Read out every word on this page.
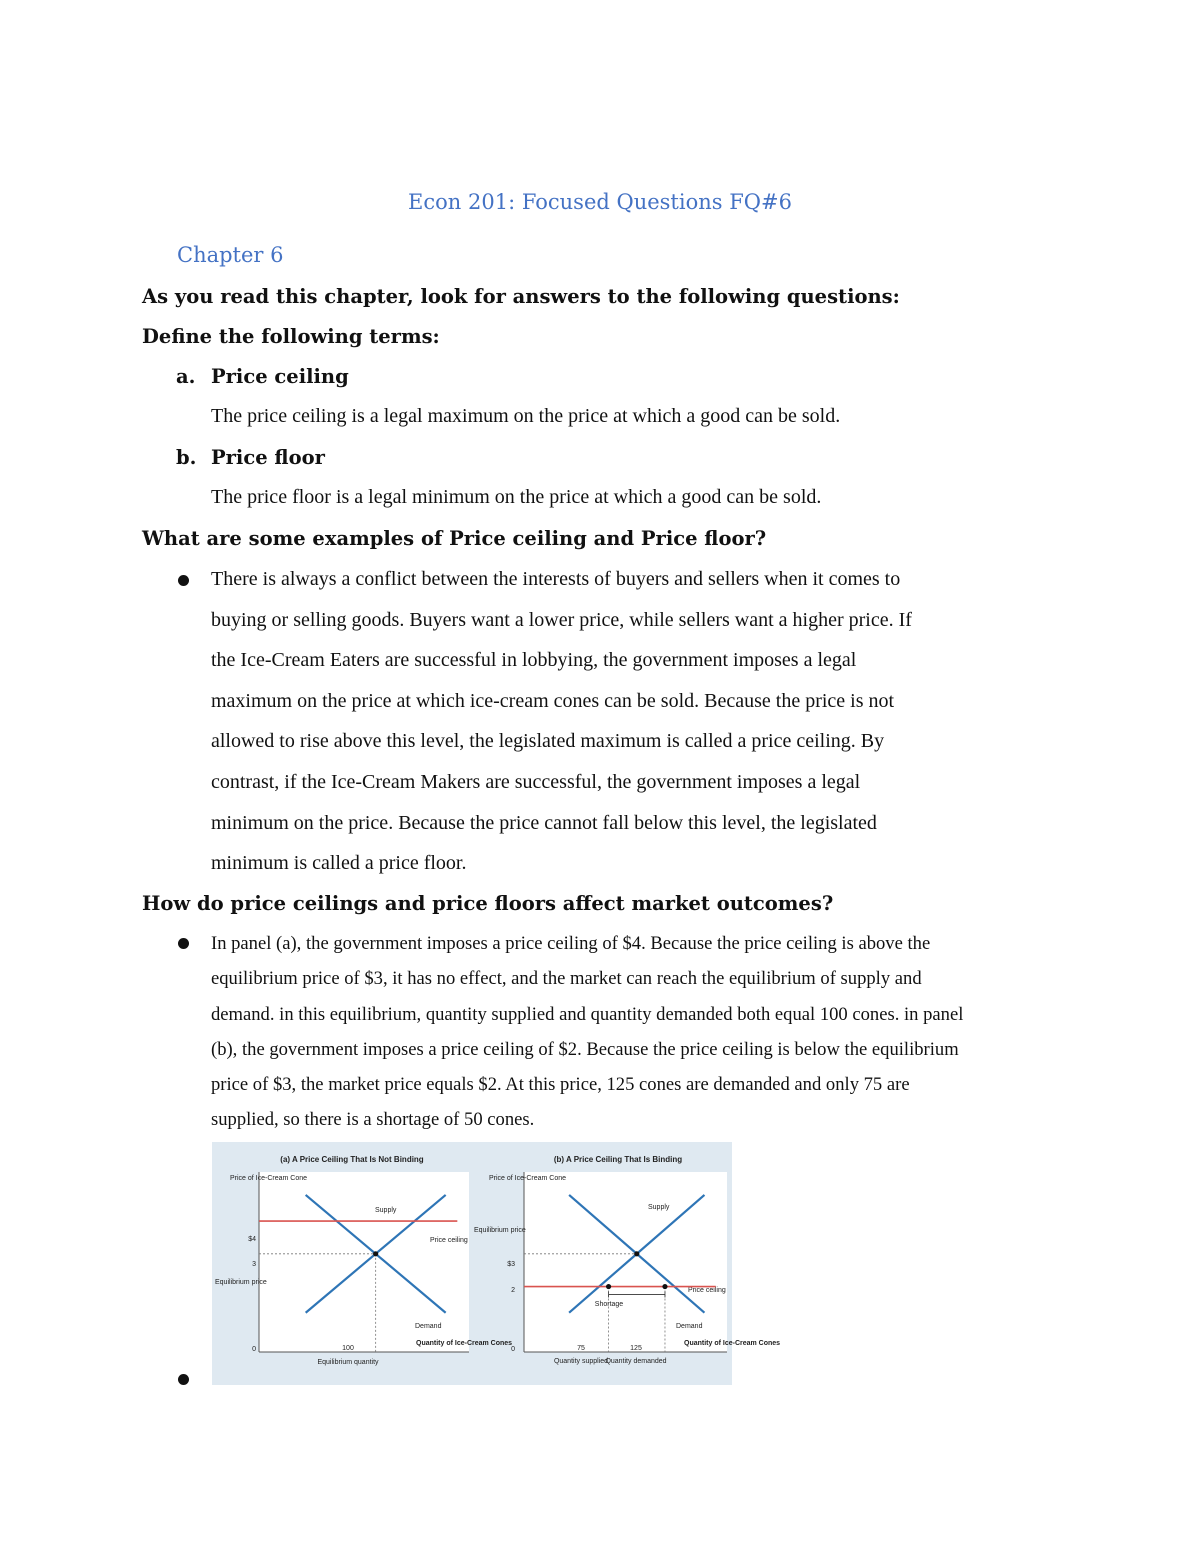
Econ 201: Focused Questions FQ#6
Chapter 6
As you read this chapter, look for answers to the following questions:
Define the following terms:
a. Price ceiling
The price ceiling is a legal maximum on the price at which a good can be sold.
b. Price floor
The price floor is a legal minimum on the price at which a good can be sold.
What are some examples of Price ceiling and Price floor?
There is always a conflict between the interests of buyers and sellers when it comes to
buying or selling goods. Buyers want a lower price, while sellers want a higher price. If
the Ice-Cream Eaters are successful in lobbying, the government imposes a legal
maximum on the price at which ice-cream cones can be sold. Because the price is not
allowed to rise above this level, the legislated maximum is called a price ceiling. By
contrast, if the Ice-Cream Makers are successful, the government imposes a legal
minimum on the price. Because the price cannot fall below this level, the legislated
minimum is called a price floor.
How do price ceilings and price floors affect market outcomes?
In panel (a), the government imposes a price ceiling of $4. Because the price ceiling is above the
equilibrium price of $3, it has no effect, and the market can reach the equilibrium of supply and
demand. in this equilibrium, quantity supplied and quantity demanded both equal 100 cones. in panel
(b), the government imposes a price ceiling of $2. Because the price ceiling is below the equilibrium
price of $3, the market price equals $2. At this price, 125 cones are demanded and only 75 are
supplied, so there is a shortage of 50 cones.
(a) A Price Ceiling That Is Not Binding
Price of Ice-Cream Cone
Quantity of Ice-Cream Cones
0
$4
3
Equilibrium price
100
Equilibrium quantity
Supply
Demand
Price ceiling
(b) A Price Ceiling That Is Binding
Price of Ice-Cream Cone
Quantity of Ice-Cream Cones
0
$3
2
Equilibrium price
75	125
Quantity supplied
Quantity demanded
Shortage
Supply
Demand
Price ceiling
